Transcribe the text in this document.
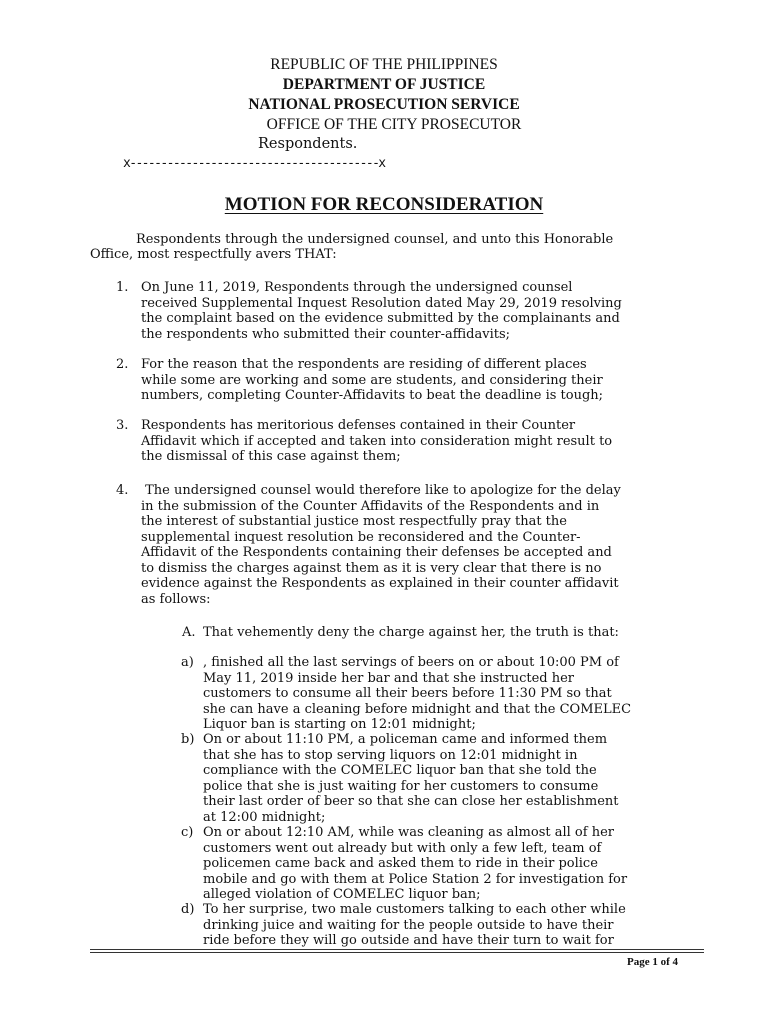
REPUBLIC OF THE PHILIPPINES
DEPARTMENT OF JUSTICE
NATIONAL PROSECUTION SERVICE
OFFICE OF THE CITY PROSECUTOR
Respondents.
x----------------------------------------x
MOTION FOR RECONSIDERATION
Respondents through the undersigned counsel, and unto this Honorable
Office, most respectfully avers THAT:
1. On June 11, 2019, Respondents through the undersigned counsel
received Supplemental Inquest Resolution dated May 29, 2019 resolving
the complaint based on the evidence submitted by the complainants and
the respondents who submitted their counter-affidavits;
2. For the reason that the respondents are residing of different places
while some are working and some are students, and considering their
numbers, completing Counter-Affidavits to beat the deadline is tough;
3. Respondents has meritorious defenses contained in their Counter
Affidavit which if accepted and taken into consideration might result to
the dismissal of this case against them;
4. The undersigned counsel would therefore like to apologize for the delay
in the submission of the Counter Affidavits of the Respondents and in
the interest of substantial justice most respectfully pray that the
supplemental inquest resolution be reconsidered and the Counter-
Affidavit of the Respondents containing their defenses be accepted and
to dismiss the charges against them as it is very clear that there is no
evidence against the Respondents as explained in their counter affidavit
as follows:
A. That vehemently deny the charge against her, the truth is that:
a) , finished all the last servings of beers on or about 10:00 PM of
May 11, 2019 inside her bar and that she instructed her
customers to consume all their beers before 11:30 PM so that
she can have a cleaning before midnight and that the COMELEC
Liquor ban is starting on 12:01 midnight;
b) On or about 11:10 PM, a policeman came and informed them
that she has to stop serving liquors on 12:01 midnight in
compliance with the COMELEC liquor ban that she told the
police that she is just waiting for her customers to consume
their last order of beer so that she can close her establishment
at 12:00 midnight;
c) On or about 12:10 AM, while was cleaning as almost all of her
customers went out already but with only a few left, team of
policemen came back and asked them to ride in their police
mobile and go with them at Police Station 2 for investigation for
alleged violation of COMELEC liquor ban;
d) To her surprise, two male customers talking to each other while
drinking juice and waiting for the people outside to have their
ride before they will go outside and have their turn to wait for
Page 1 of 4
